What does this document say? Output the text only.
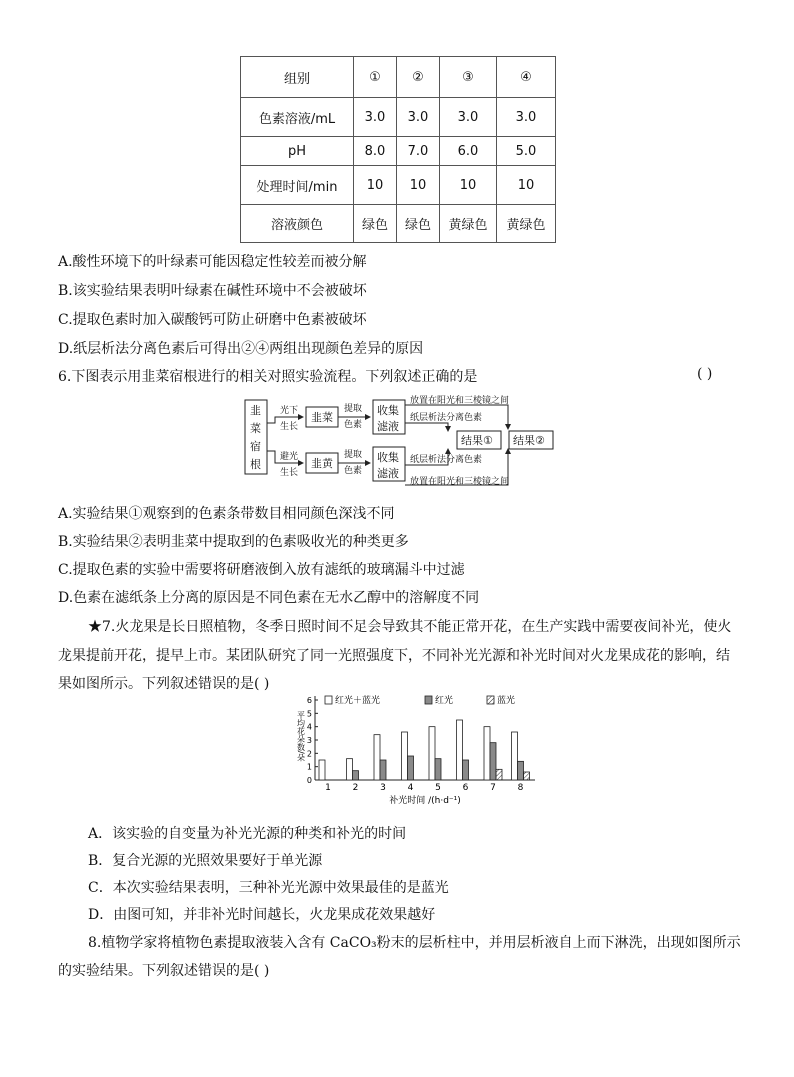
组别	①	②	③	④
色素溶液/mL	3.0	3.0	3.0	3.0
pH	8.0	7.0	6.0	5.0
处理时间/min	10	10	10	10
溶液颜色	绿色	绿色	黄绿色	黄绿色
A.酸性环境下的叶绿素可能因稳定性较差而被分解
B.该实验结果表明叶绿素在碱性环境中不会被破坏
C.提取色素时加入碳酸钙可防止研磨中色素被破坏
D.纸层析法分离色素后可得出②④两组出现颜色差异的原因
6.下图表示用韭菜宿根进行的相关对照实验流程。下列叙述正确的是	( )
韭
菜
宿
根
光下
生长
避光
生长
韭菜
韭黄
提取
色素
提取
色素
收集
滤液
收集
滤液
放置在阳光和三棱镜之间
纸层析法分离色素
纸层析法分离色素
放置在阳光和三棱镜之间
结果① 结果②
A.实验结果①观察到的色素条带数目相同颜色深浅不同
B.实验结果②表明韭菜中提取到的色素吸收光的种类更多
C.提取色素的实验中需要将研磨液倒入放有滤纸的玻璃漏斗中过滤
D.色素在滤纸条上分离的原因是不同色素在无水乙醇中的溶解度不同
★7.火龙果是长日照植物，冬季日照时间不足会导致其不能正常开花，在生产实践中需要夜间补光，使火
龙果提前开花，提早上市。某团队研究了同一光照强度下，不同补光光源和补光时间对火龙果成花的影响，结
果如图所示。下列叙述错误的是( )
0
1
2
3
4
5
6
平均花朵数/朵
1 2 3 4 5 6 7 8
补光时间 /(h·d⁻¹)
红光＋蓝光	红光	蓝光
A．该实验的自变量为补光光源的种类和补光的时间
B．复合光源的光照效果要好于单光源
C．本次实验结果表明，三种补光光源中效果最佳的是蓝光
D．由图可知，并非补光时间越长，火龙果成花效果越好
8.植物学家将植物色素提取液装入含有 CaCO₃粉末的层析柱中，并用层析液自上而下淋洗，出现如图所示
的实验结果。下列叙述错误的是( )
